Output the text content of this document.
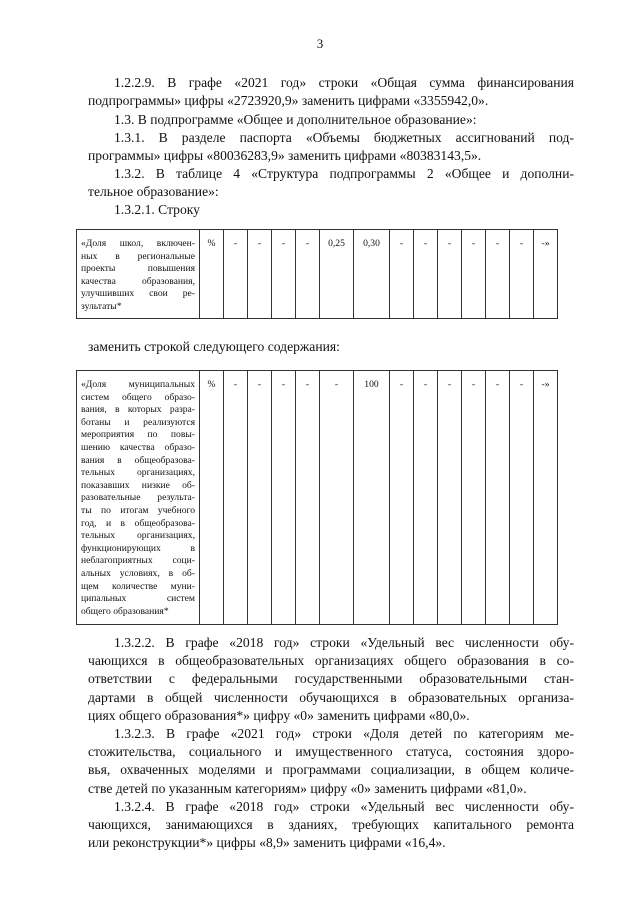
3
1.2.2.9. В графе «2021 год» строки «Общая сумма финансирования
подпрограммы» цифры «2723920,9» заменить цифрами «3355942,0».
1.3. В подпрограмме «Общее и дополнительное образование»:
1.3.1. В разделе паспорта «Объемы бюджетных ассигнований под-
программы» цифры «80036283,9» заменить цифрами «80383143,5».
1.3.2. В таблице 4 «Структура подпрограммы 2 «Общее и дополни-
тельное образование»:
1.3.2.1. Строку
«Доля школ, включен-
ных в региональные
проекты повышения
качества образования,
улучшивших свои ре-
зультаты*

%	-	-	-	-	0,25	0,30	-	-	-	-	-	-	-»
заменить строкой следующего содержания:
«Доля муниципальных
систем общего образо-
вания, в которых разра-
ботаны и реализуются
мероприятия по повы-
шению качества образо-
вания в общеобразова-
тельных организациях,
показавших низкие об-
разовательные результа-
ты по итогам учебного
год, и в общеобразова-
тельных организациях,
функционирующих в
неблагоприятных соци-
альных условиях, в об-
щем количестве муни-
ципальных систем
общего образования*

%	-	-	-	-	-	100	-	-	-	-	-	-	-»
1.3.2.2. В графе «2018 год» строки «Удельный вес численности обу-
чающихся в общеобразовательных организациях общего образования в со-
ответствии с федеральными государственными образовательными стан-
дартами в общей численности обучающихся в образовательных организа-
циях общего образования*» цифру «0» заменить цифрами «80,0».
1.3.2.3. В графе «2021 год» строки «Доля детей по категориям ме-
стожительства, социального и имущественного статуса, состояния здоро-
вья, охваченных моделями и программами социализации, в общем количе-
стве детей по указанным категориям» цифру «0» заменить цифрами «81,0».
1.3.2.4. В графе «2018 год» строки «Удельный вес численности обу-
чающихся, занимающихся в зданиях, требующих капитального ремонта
или реконструкции*» цифры «8,9» заменить цифрами «16,4».
